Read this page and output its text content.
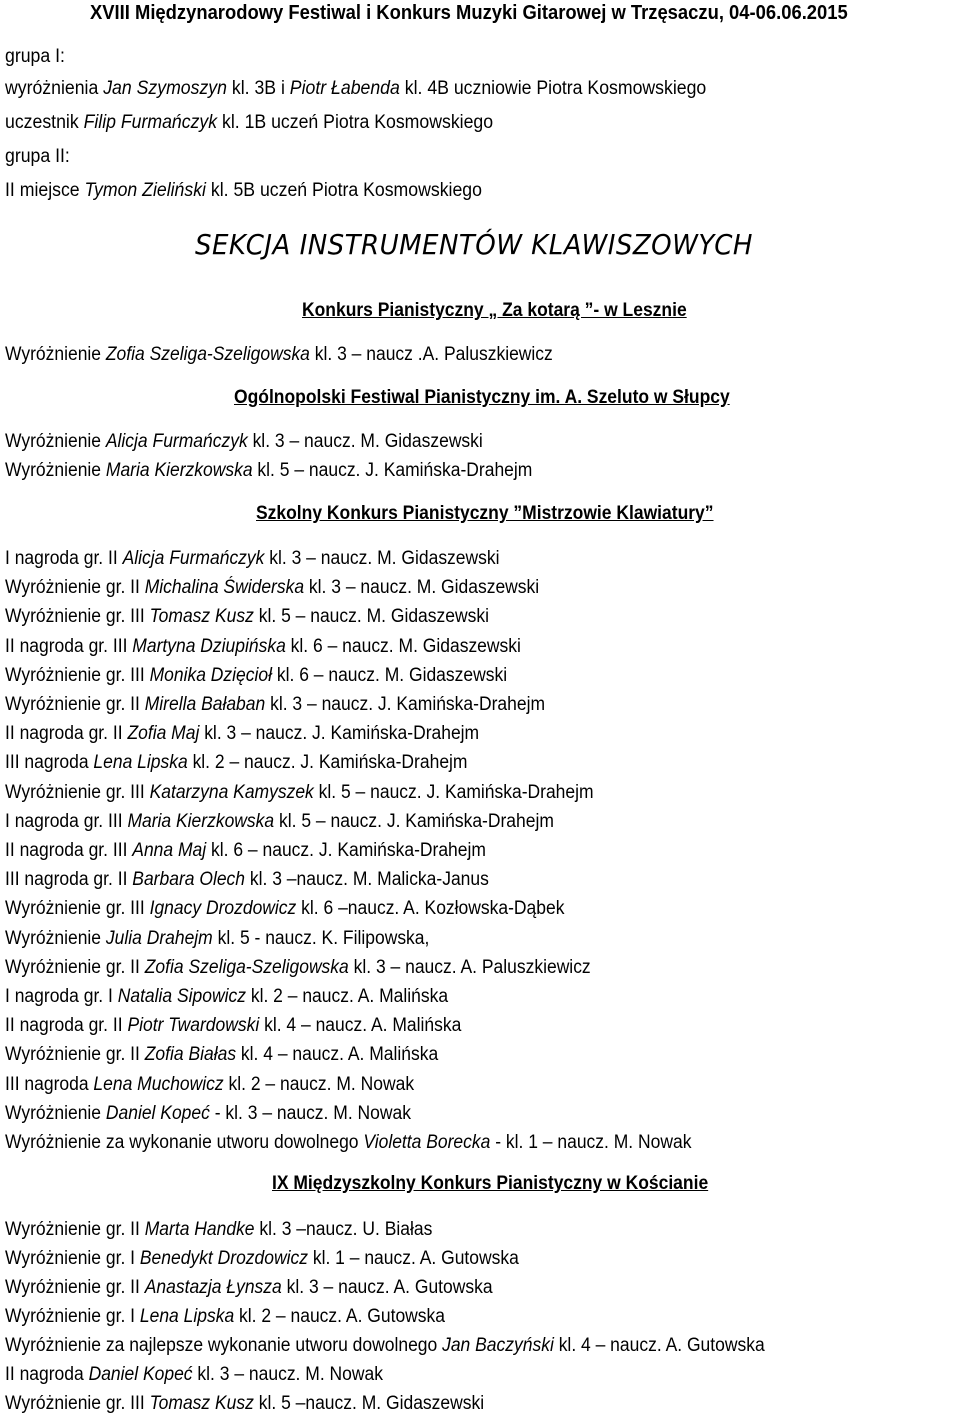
XVIII Międzynarodowy Festiwal i Konkurs Muzyki Gitarowej w Trzęsaczu, 04-06.06.2015
grupa I:
wyróżnienia Jan Szymoszyn kl. 3B i Piotr Łabenda kl. 4B uczniowie Piotra Kosmowskiego
uczestnik Filip Furmańczyk kl. 1B uczeń Piotra Kosmowskiego
grupa II:
II miejsce Tymon Zieliński kl. 5B uczeń Piotra Kosmowskiego
SEKCJA INSTRUMENTÓW KLAWISZOWYCH
Konkurs Pianistyczny „ Za kotarą ”- w Lesznie
Wyróżnienie Zofia Szeliga-Szeligowska kl. 3 – naucz .A. Paluszkiewicz
Ogólnopolski Festiwal Pianistyczny im. A. Szeluto w Słupcy
Wyróżnienie Alicja Furmańczyk kl. 3 – naucz. M. Gidaszewski
Wyróżnienie Maria Kierzkowska kl. 5 – naucz. J. Kamińska-Drahejm
Szkolny Konkurs Pianistyczny ”Mistrzowie Klawiatury”
I nagroda gr. II Alicja Furmańczyk kl. 3 – naucz. M. Gidaszewski
Wyróżnienie gr. II Michalina Świderska kl. 3 – naucz. M. Gidaszewski
Wyróżnienie gr. III Tomasz Kusz kl. 5 – naucz. M. Gidaszewski
II nagroda gr. III Martyna Dziupińska kl. 6 – naucz. M. Gidaszewski
Wyróżnienie gr. III Monika Dzięcioł kl. 6 – naucz. M. Gidaszewski
Wyróżnienie gr. II Mirella Bałaban kl. 3 – naucz. J. Kamińska-Drahejm
II nagroda gr. II Zofia Maj kl. 3 – naucz. J. Kamińska-Drahejm
III nagroda Lena Lipska kl. 2 – naucz. J. Kamińska-Drahejm
Wyróżnienie gr. III Katarzyna Kamyszek kl. 5 – naucz. J. Kamińska-Drahejm
I nagroda gr. III Maria Kierzkowska kl. 5 – naucz. J. Kamińska-Drahejm
II nagroda gr. III Anna Maj kl. 6 – naucz. J. Kamińska-Drahejm
III nagroda gr. II Barbara Olech kl. 3 –naucz. M. Malicka-Janus
Wyróżnienie gr. III Ignacy Drozdowicz kl. 6 –naucz. A. Kozłowska-Dąbek
Wyróżnienie Julia Drahejm kl. 5 - naucz. K. Filipowska,
Wyróżnienie gr. II Zofia Szeliga-Szeligowska kl. 3 – naucz. A. Paluszkiewicz
I nagroda gr. I Natalia Sipowicz kl. 2 – naucz. A. Malińska
II nagroda gr. II Piotr Twardowski kl. 4 – naucz. A. Malińska
Wyróżnienie gr. II Zofia Białas kl. 4 – naucz. A. Malińska
III nagroda Lena Muchowicz kl. 2 – naucz. M. Nowak
Wyróżnienie Daniel Kopeć - kl. 3 – naucz. M. Nowak
Wyróżnienie za wykonanie utworu dowolnego Violetta Borecka - kl. 1 – naucz. M. Nowak
IX Międzyszkolny Konkurs Pianistyczny w Kościanie
Wyróżnienie gr. II Marta Handke kl. 3 –naucz. U. Białas
Wyróżnienie gr. I Benedykt Drozdowicz kl. 1 – naucz. A. Gutowska
Wyróżnienie gr. II Anastazja Łynsza kl. 3 – naucz. A. Gutowska
Wyróżnienie gr. I Lena Lipska kl. 2 – naucz. A. Gutowska
Wyróżnienie za najlepsze wykonanie utworu dowolnego Jan Baczyński kl. 4 – naucz. A. Gutowska
II nagroda Daniel Kopeć kl. 3 – naucz. M. Nowak
Wyróżnienie gr. III Tomasz Kusz kl. 5 –naucz. M. Gidaszewski
